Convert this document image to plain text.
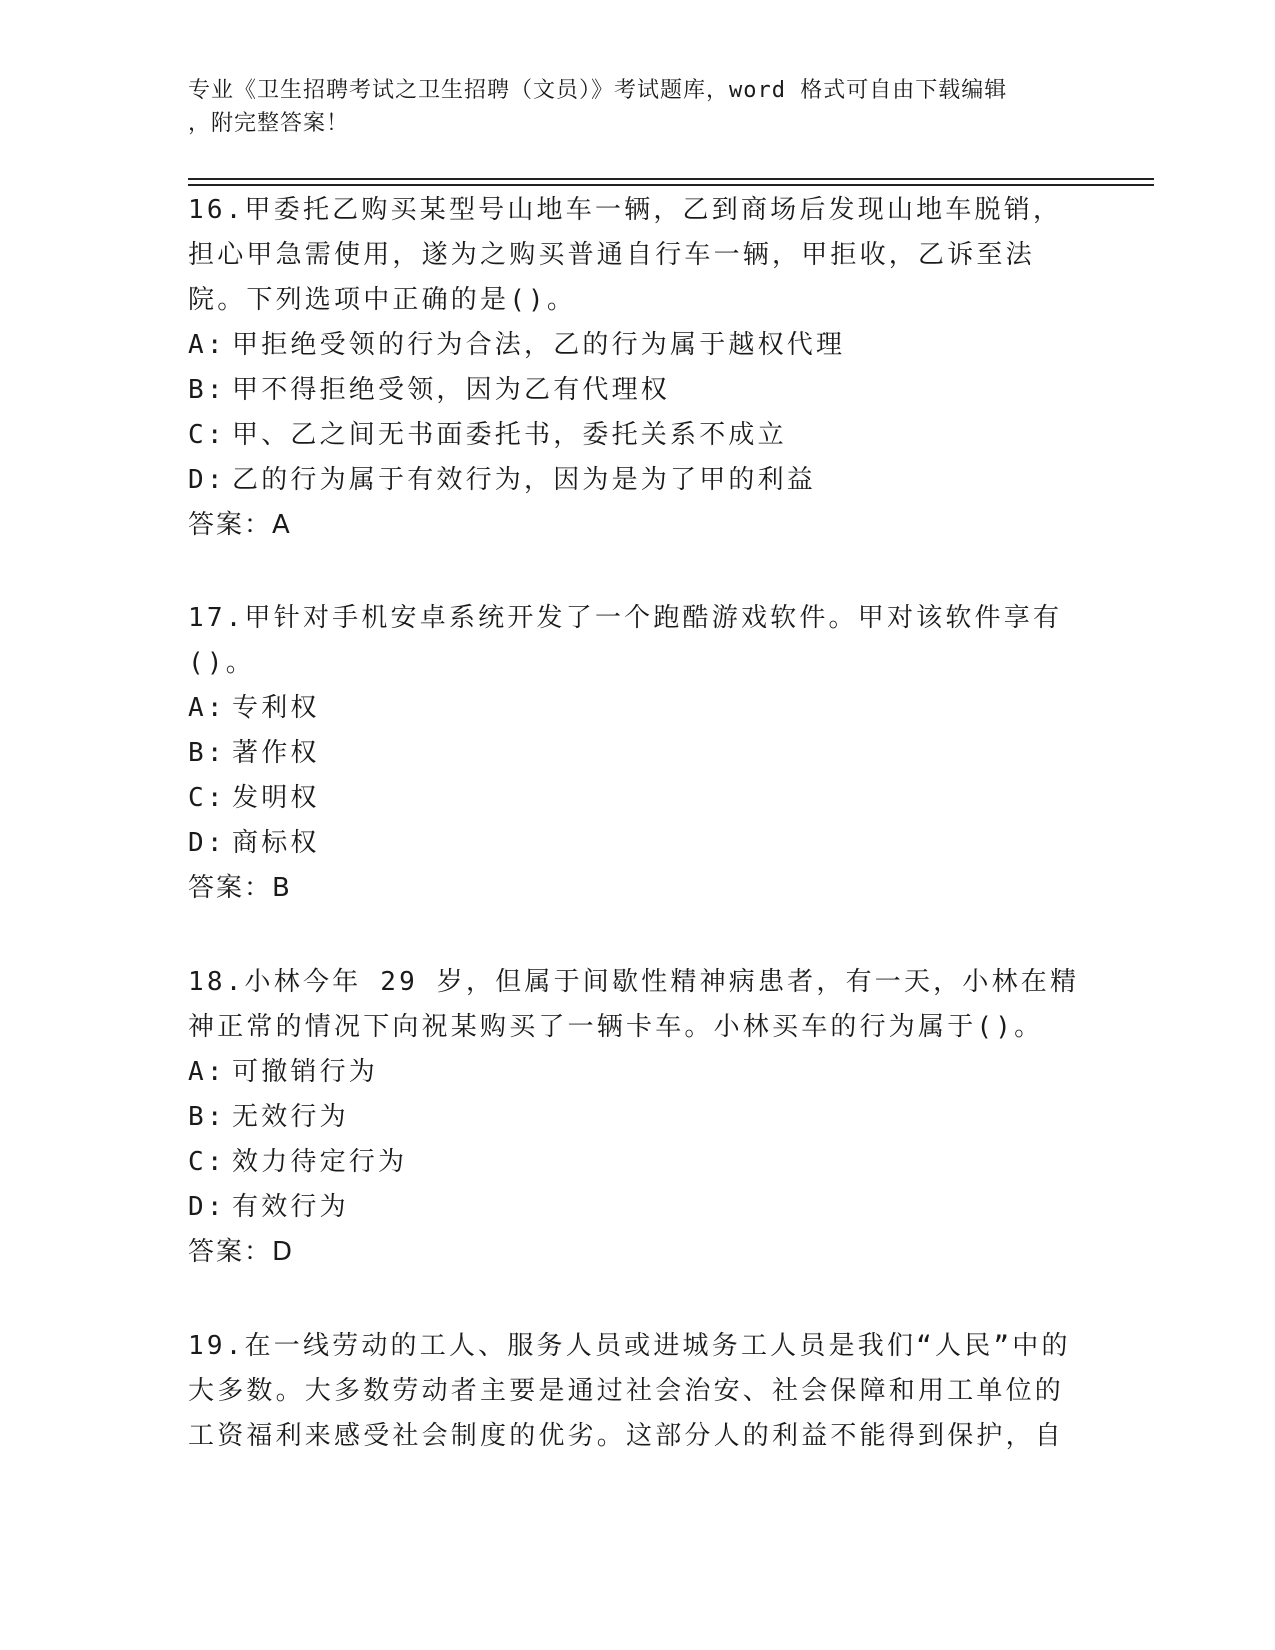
专业《卫生招聘考试之卫生招聘（文员）》考试题库，word 格式可自由下载编辑
，附完整答案！
16.甲委托乙购买某型号山地车一辆，乙到商场后发现山地车脱销，担心甲急需使用，遂为之购买普通自行车一辆，甲拒收，乙诉至法院。下列选项中正确的是()。
A: 甲拒绝受领的行为合法，乙的行为属于越权代理
B: 甲不得拒绝受领，因为乙有代理权
C: 甲、乙之间无书面委托书，委托关系不成立
D: 乙的行为属于有效行为，因为是为了甲的利益
答案：A
17.甲针对手机安卓系统开发了一个跑酷游戏软件。甲对该软件享有()。
A: 专利权
B: 著作权
C: 发明权
D: 商标权
答案：B
18.小林今年 29 岁，但属于间歇性精神病患者，有一天，小林在精神正常的情况下向祝某购买了一辆卡车。小林买车的行为属于()。
A: 可撤销行为
B: 无效行为
C: 效力待定行为
D: 有效行为
答案：D
19.在一线劳动的工人、服务人员或进城务工人员是我们“人民”中的大多数。大多数劳动者主要是通过社会治安、社会保障和用工单位的工资福利来感受社会制度的优劣。这部分人的利益不能得到保护，自
